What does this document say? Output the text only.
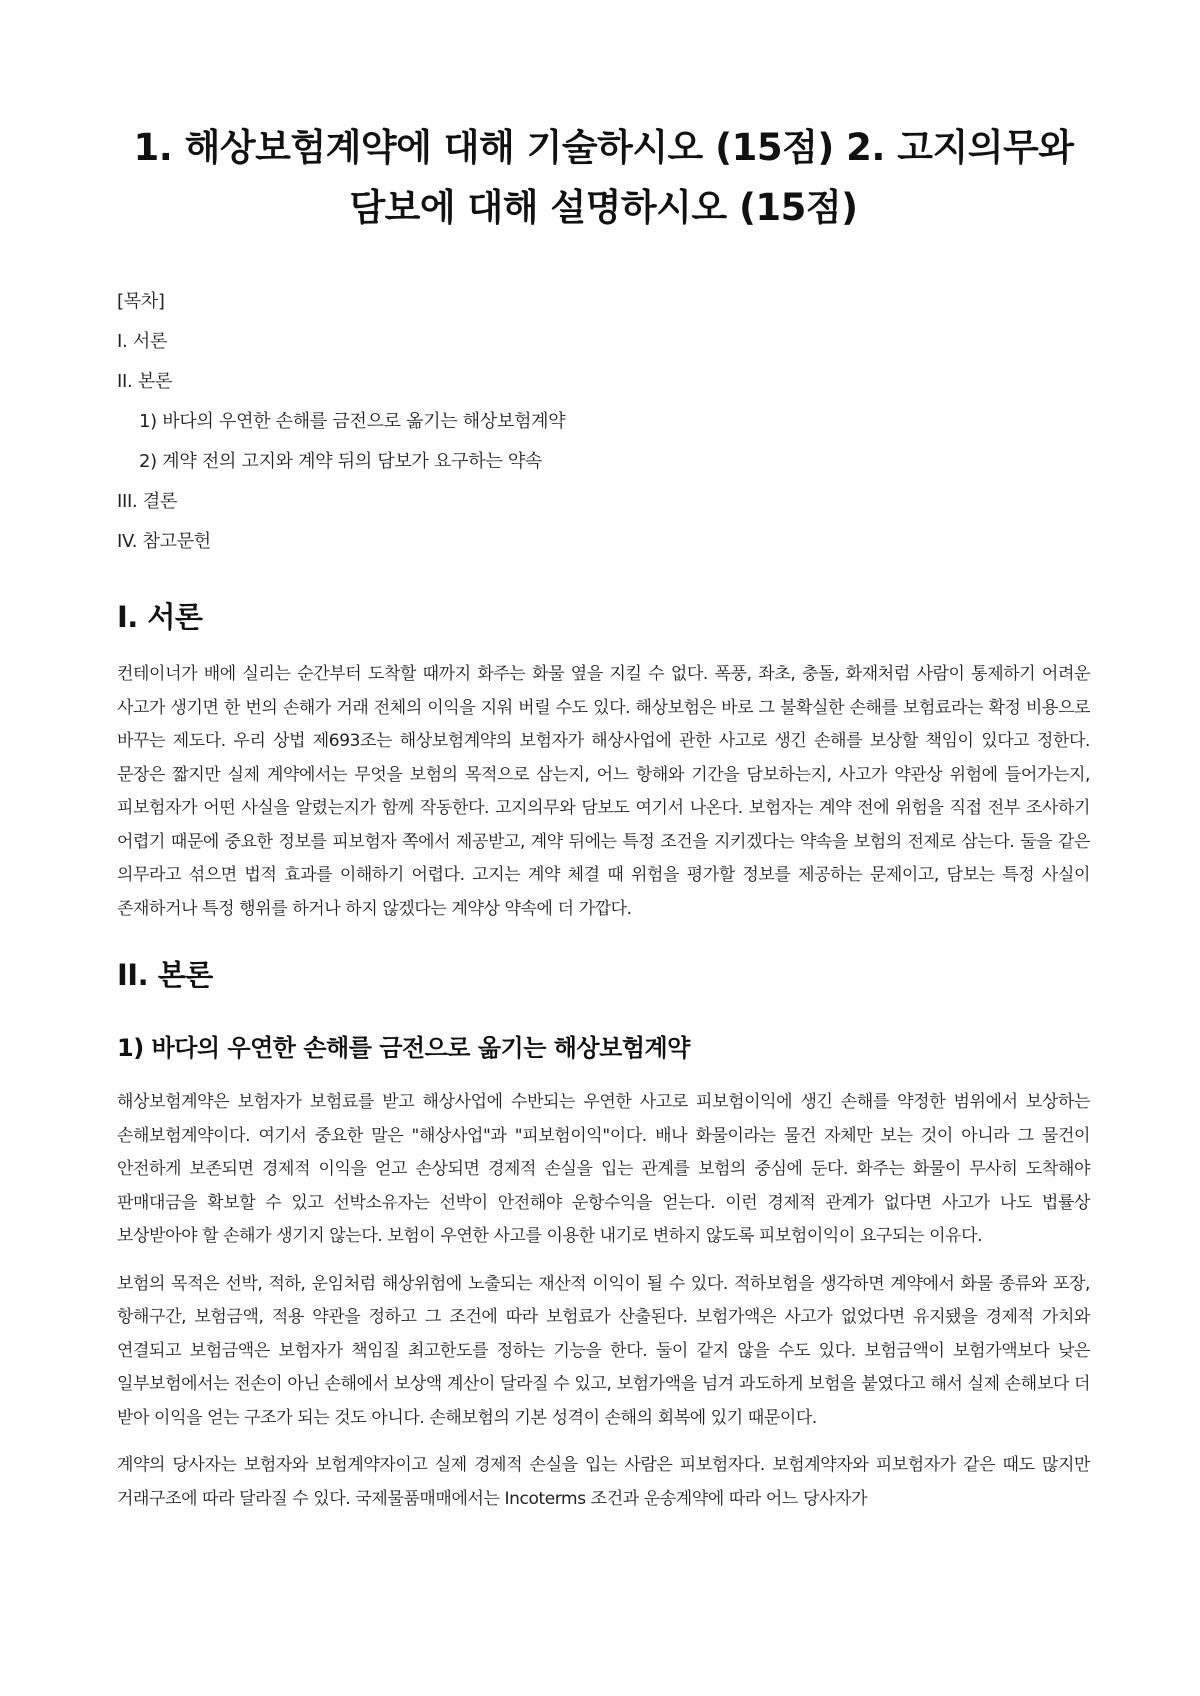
1. 해상보험계약에 대해 기술하시오 (15점) 2. 고지의무와 담보에 대해 설명하시오 (15점)
[목차]
I. 서론
II. 본론
1) 바다의 우연한 손해를 금전으로 옮기는 해상보험계약
2) 계약 전의 고지와 계약 뒤의 담보가 요구하는 약속
III. 결론
IV. 참고문헌
I. 서론

컨테이너가 배에 실리는 순간부터 도착할 때까지 화주는 화물 옆을 지킬 수 없다. 폭풍, 좌초, 충돌, 화재처럼 사람이 통제하기 어려운 사고가 생기면 한 번의 손해가 거래 전체의 이익을 지워 버릴 수도 있다. 해상보험은 바로 그 불확실한 손해를 보험료라는 확정 비용으로 바꾸는 제도다. 우리 상법 제693조는 해상보험계약의 보험자가 해상사업에 관한 사고로 생긴 손해를 보상할 책임이 있다고 정한다. 문장은 짧지만 실제 계약에서는 무엇을 보험의 목적으로 삼는지, 어느 항해와 기간을 담보하는지, 사고가 약관상 위험에 들어가는지, 피보험자가 어떤 사실을 알렸는지가 함께 작동한다. 고지의무와 담보도 여기서 나온다. 보험자는 계약 전에 위험을 직접 전부 조사하기 어렵기 때문에 중요한 정보를 피보험자 쪽에서 제공받고, 계약 뒤에는 특정 조건을 지키겠다는 약속을 보험의 전제로 삼는다. 둘을 같은 의무라고 섞으면 법적 효과를 이해하기 어렵다. 고지는 계약 체결 때 위험을 평가할 정보를 제공하는 문제이고, 담보는 특정 사실이 존재하거나 특정 행위를 하거나 하지 않겠다는 계약상 약속에 더 가깝다.

II. 본론
1) 바다의 우연한 손해를 금전으로 옮기는 해상보험계약

해상보험계약은 보험자가 보험료를 받고 해상사업에 수반되는 우연한 사고로 피보험이익에 생긴 손해를 약정한 범위에서 보상하는 손해보험계약이다. 여기서 중요한 말은 "해상사업"과 "피보험이익"이다. 배나 화물이라는 물건 자체만 보는 것이 아니라 그 물건이 안전하게 보존되면 경제적 이익을 얻고 손상되면 경제적 손실을 입는 관계를 보험의 중심에 둔다. 화주는 화물이 무사히 도착해야 판매대금을 확보할 수 있고 선박소유자는 선박이 안전해야 운항수익을 얻는다. 이런 경제적 관계가 없다면 사고가 나도 법률상 보상받아야 할 손해가 생기지 않는다. 보험이 우연한 사고를 이용한 내기로 변하지 않도록 피보험이익이 요구되는 이유다.

보험의 목적은 선박, 적하, 운임처럼 해상위험에 노출되는 재산적 이익이 될 수 있다. 적하보험을 생각하면 계약에서 화물 종류와 포장, 항해구간, 보험금액, 적용 약관을 정하고 그 조건에 따라 보험료가 산출된다. 보험가액은 사고가 없었다면 유지됐을 경제적 가치와 연결되고 보험금액은 보험자가 책임질 최고한도를 정하는 기능을 한다. 둘이 같지 않을 수도 있다. 보험금액이 보험가액보다 낮은 일부보험에서는 전손이 아닌 손해에서 보상액 계산이 달라질 수 있고, 보험가액을 넘겨 과도하게 보험을 붙였다고 해서 실제 손해보다 더 받아 이익을 얻는 구조가 되는 것도 아니다. 손해보험의 기본 성격이 손해의 회복에 있기 때문이다.

계약의 당사자는 보험자와 보험계약자이고 실제 경제적 손실을 입는 사람은 피보험자다. 보험계약자와 피보험자가 같은 때도 많지만 거래구조에 따라 달라질 수 있다. 국제물품매매에서는 Incoterms 조건과 운송계약에 따라 어느 당사자가
